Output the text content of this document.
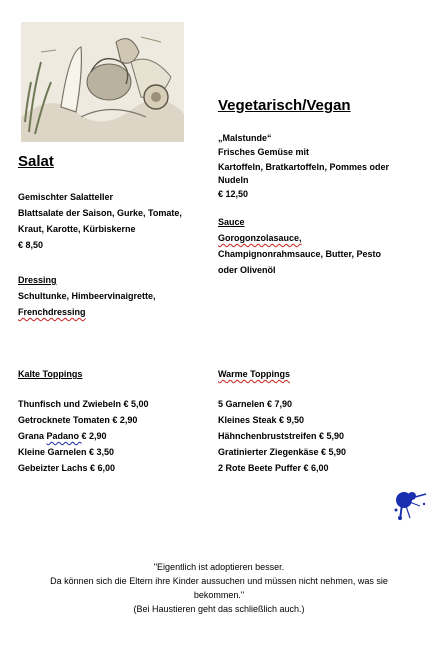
Salat
Gemischter Salatteller
Blattsalate der Saison, Gurke, Tomate,
Kraut, Karotte, Kürbiskerne
€ 8,50
Dressing
Schultunke, Himbeervinaigrette,
Frenchdressing
Vegetarisch/Vegan
„Malstunde“
Frisches Gemüse mit
Kartoffeln, Bratkartoffeln, Pommes oder
Nudeln
€ 12,50
Sauce
Gorogonzolasauce,
Champignonrahmsauce, Butter, Pesto
oder Olivenöl
Kalte Toppings
Thunfisch und Zwiebeln € 5,00
Getrocknete Tomaten € 2,90
Grana Padano € 2,90
Kleine Garnelen € 3,50
Gebeizter Lachs € 6,00
Warme Toppings
5 Garnelen € 7,90
Kleines Steak € 9,50
Hähnchenbruststreifen € 5,90
Gratinierter Ziegenkäse € 5,90
2 Rote Beete Puffer € 6,00
"Eigentlich ist adoptieren besser.
Da können sich die Eltern ihre Kinder aussuchen und müssen nicht nehmen, was sie
bekommen."
(Bei Haustieren geht das schließlich auch.)
